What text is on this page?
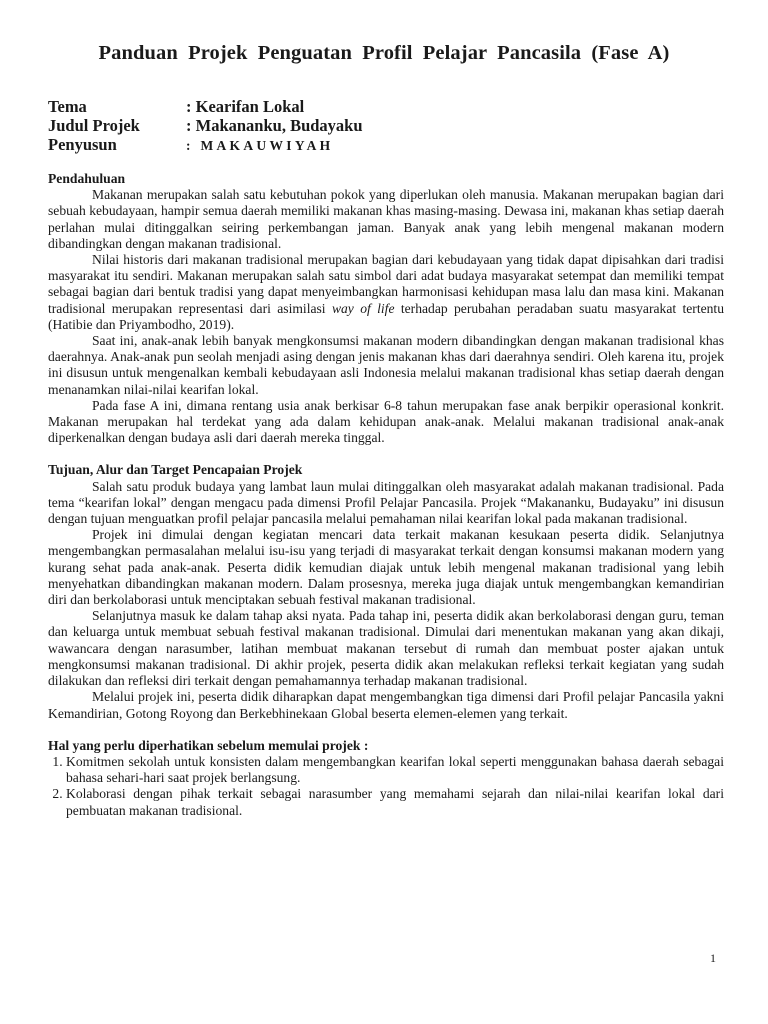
Panduan Projek Penguatan Profil Pelajar Pancasila (Fase A)
Tema	: Kearifan Lokal
Judul Projek	: Makananku, Budayaku
Penyusun	: MAKAUWIYAH

Pendahuluan

Makanan merupakan salah satu kebutuhan pokok yang diperlukan oleh manusia. Makanan merupakan bagian dari sebuah kebudayaan, hampir semua daerah memiliki makanan khas masing-masing. Dewasa ini, makanan khas setiap daerah perlahan mulai ditinggalkan seiring perkembangan jaman. Banyak anak yang lebih mengenal makanan modern dibandingkan dengan makanan tradisional.

Nilai historis dari makanan tradisional merupakan bagian dari kebudayaan yang tidak dapat dipisahkan dari tradisi masyarakat itu sendiri. Makanan merupakan salah satu simbol dari adat budaya masyarakat setempat dan memiliki tempat sebagai bagian dari bentuk tradisi yang dapat menyeimbangkan harmonisasi kehidupan masa lalu dan masa kini. Makanan tradisional merupakan representasi dari asimilasi way of life terhadap perubahan peradaban suatu masyarakat tertentu (Hatibie dan Priyambodho, 2019).

Saat ini, anak-anak lebih banyak mengkonsumsi makanan modern dibandingkan dengan makanan tradisional khas daerahnya. Anak-anak pun seolah menjadi asing dengan jenis makanan khas dari daerahnya sendiri. Oleh karena itu, projek ini disusun untuk mengenalkan kembali kebudayaan asli Indonesia melalui makanan tradisional khas setiap daerah dengan menanamkan nilai-nilai kearifan lokal.

Pada fase A ini, dimana rentang usia anak berkisar 6-8 tahun merupakan fase anak berpikir operasional konkrit. Makanan merupakan hal terdekat yang ada dalam kehidupan anak-anak. Melalui makanan tradisional anak-anak diperkenalkan dengan budaya asli dari daerah mereka tinggal.

Tujuan, Alur dan Target Pencapaian Projek

Salah satu produk budaya yang lambat laun mulai ditinggalkan oleh masyarakat adalah makanan tradisional. Pada tema “kearifan lokal” dengan mengacu pada dimensi Profil Pelajar Pancasila. Projek “Makananku, Budayaku” ini disusun dengan tujuan menguatkan profil pelajar pancasila melalui pemahaman nilai kearifan lokal pada makanan tradisional.

Projek ini dimulai dengan kegiatan mencari data terkait makanan kesukaan peserta didik. Selanjutnya mengembangkan permasalahan melalui isu-isu yang terjadi di masyarakat terkait dengan konsumsi makanan modern yang kurang sehat pada anak-anak. Peserta didik kemudian diajak untuk lebih mengenal makanan tradisional yang lebih menyehatkan dibandingkan makanan modern. Dalam prosesnya, mereka juga diajak untuk mengembangkan kemandirian diri dan berkolaborasi untuk menciptakan sebuah festival makanan tradisional.

Selanjutnya masuk ke dalam tahap aksi nyata. Pada tahap ini, peserta didik akan berkolaborasi dengan guru, teman dan keluarga untuk membuat sebuah festival makanan tradisional. Dimulai dari menentukan makanan yang akan dikaji, wawancara dengan narasumber, latihan membuat makanan tersebut di rumah dan membuat poster ajakan untuk mengkonsumsi makanan tradisional. Di akhir projek, peserta didik akan melakukan refleksi terkait kegiatan yang sudah dilakukan dan refleksi diri terkait dengan pemahamannya terhadap makanan tradisional.

Melalui projek ini, peserta didik diharapkan dapat mengembangkan tiga dimensi dari Profil pelajar Pancasila yakni Kemandirian, Gotong Royong dan Berkebhinekaan Global beserta elemen-elemen yang terkait.

Hal yang perlu diperhatikan sebelum memulai projek :

1. Komitmen sekolah untuk konsisten dalam mengembangkan kearifan lokal seperti menggunakan bahasa daerah sebagai bahasa sehari-hari saat projek berlangsung.
2. Kolaborasi dengan pihak terkait sebagai narasumber yang memahami sejarah dan nilai-nilai kearifan lokal dari pembuatan makanan tradisional.
1
